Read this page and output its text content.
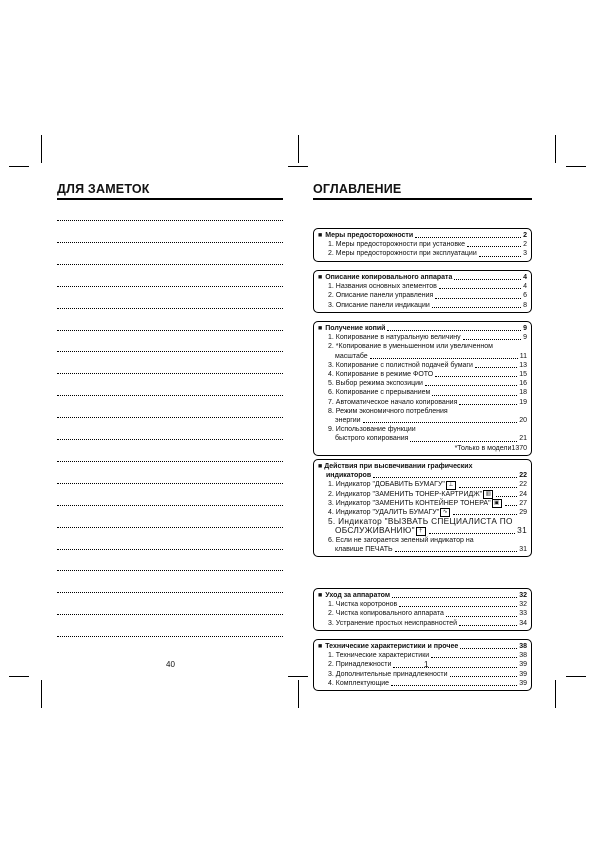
ДЛЯ ЗАМЕТОК
40
ОГЛАВЛЕНИЕ
■ Меры предосторожности	2
1. Меры предосторожности при установке	2
2. Меры предосторожности при эксплуатации	3
■ Описание копировального аппарата	4
1. Названия основных элементов	4
2. Описание панели управления	6
3. Описание панели индикации	8
■ Получение копий	9
1. Копирование в натуральную величину	9
2. *Копирование в уменьшенном или увеличенном
масштабе	11
3. Копирование с полистной подачей бумаги	13
4. Копирование в режиме ФОТО	15
5. Выбор режима экспозиции	16
6. Копирование с прерыванием	18
7. Автоматическое начало копирования	19
8. Режим экономичного потребления
энергии	20
9. Использование функции
быстрого копирования	21
*Только в модели1370
■ Действия при высвечивании графических
индикаторов	22
1. Индикатор "ДОБАВИТЬ БУМАГУ" ⊥	22
2. Индикатор "ЗАМЕНИТЬ ТОНЕР-КАРТРИДЖ" ▥	24
3. Индикатор "ЗАМЕНИТЬ КОНТЕЙНЕР ТОНЕРА" ▣	27
4. Индикатор "УДАЛИТЬ БУМАГУ" ∿	29
5. Индикатор "ВЫЗВАТЬ СПЕЦИАЛИСТА ПО
ОБСЛУЖИВАНИЮ" †	31
6. Если не загорается зеленый индикатор на
клавише ПЕЧАТЬ	31
■ Уход за аппаратом	32
1. Чистка коротронов	32
2. Чистка копировального аппарата	33
3. Устранение простых неисправностей	34
■ Технические характеристики и прочее	38
1. Технические характеристики	38
2. Принадлежности	39
3. Дополнительные принадлежности	39
4. Комплектующие	39
1
